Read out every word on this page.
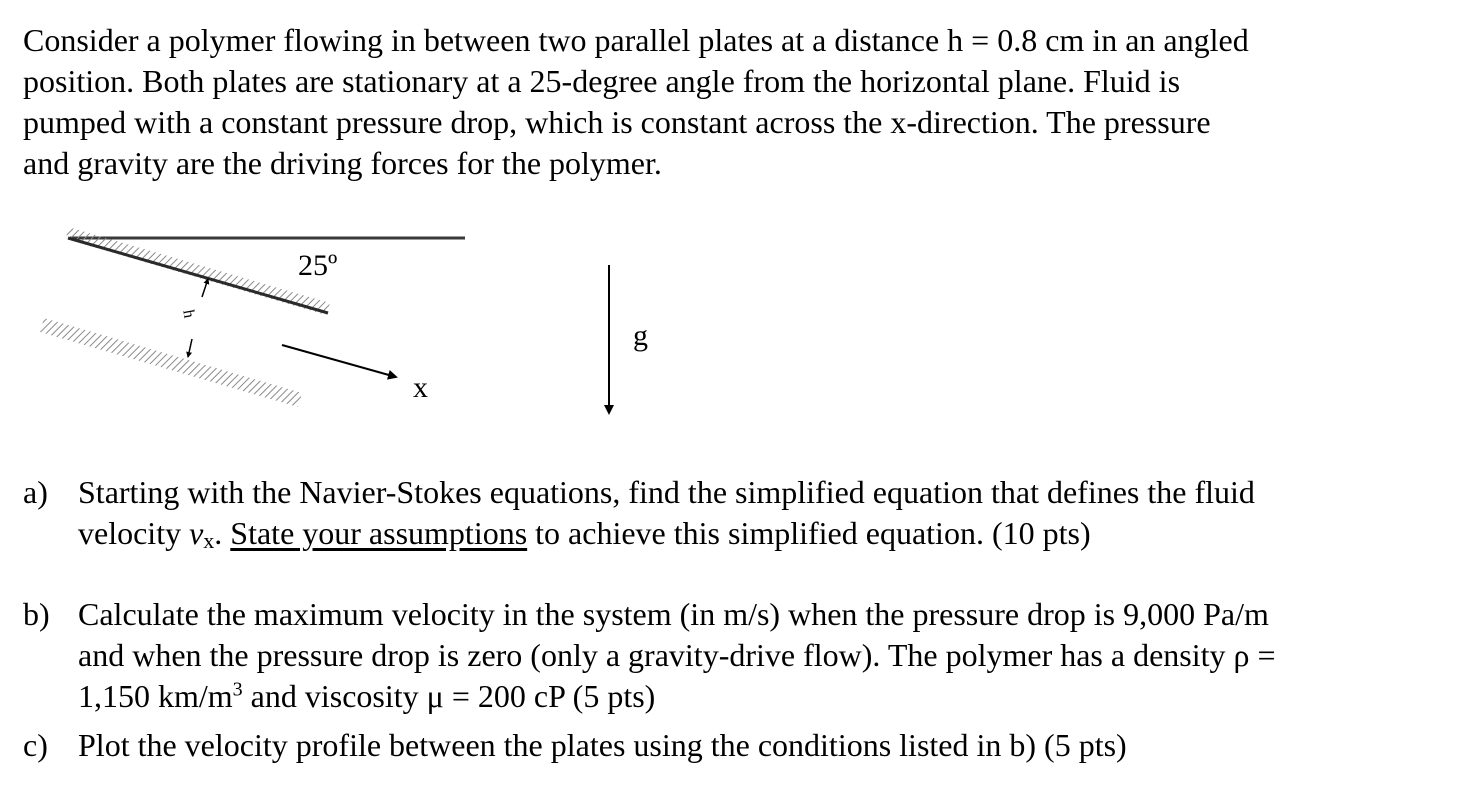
Consider a polymer flowing in between two parallel plates at a distance h = 0.8 cm in an angled
position. Both plates are stationary at a 25-degree angle from the horizontal plane. Fluid is
pumped with a constant pressure drop, which is constant across the x-direction. The pressure
and gravity are the driving forces for the polymer.
h
25º
x
g
a) Starting with the Navier-Stokes equations, find the simplified equation that defines the fluid
velocity vx. State your assumptions to achieve this simplified equation. (10 pts)
b) Calculate the maximum velocity in the system (in m/s) when the pressure drop is 9,000 Pa/m
and when the pressure drop is zero (only a gravity-drive flow). The polymer has a density ρ =
1,150 $km/m^3$ and viscosity μ = 200 cP (5 pts)
c) Plot the velocity profile between the plates using the conditions listed in b) (5 pts)
